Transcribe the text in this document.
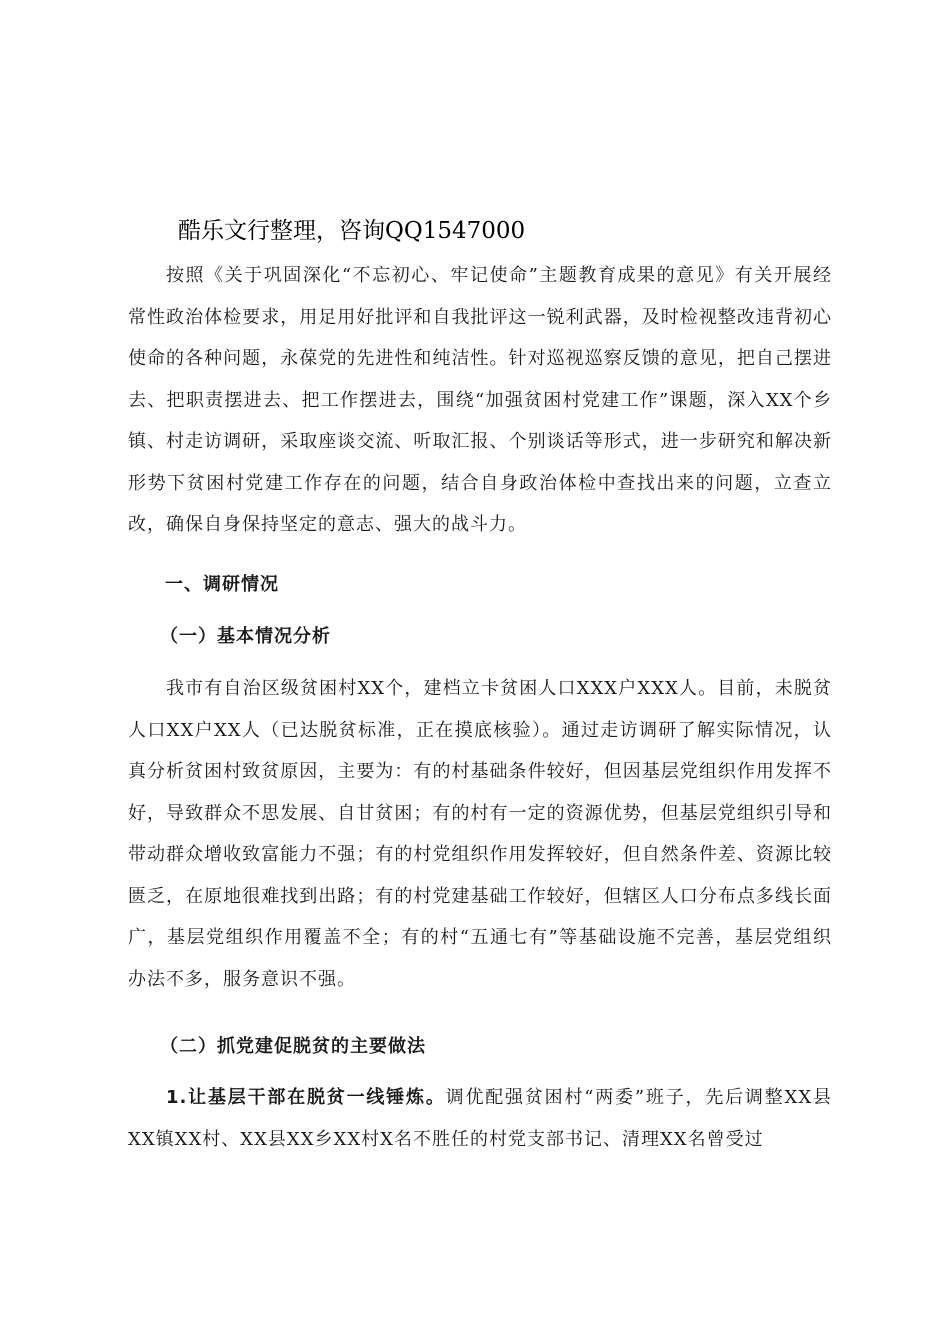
酷乐文行整理，咨询QQ1547000
按照《关于巩固深化“不忘初心、牢记使命”主题教育成果的意见》有关开展经常性政治体检要求，用足用好批评和自我批评这一锐利武器，及时检视整改违背初心使命的各种问题，永葆党的先进性和纯洁性。针对巡视巡察反馈的意见，把自己摆进去、把职责摆进去、把工作摆进去，围绕“加强贫困村党建工作”课题，深入XX个乡镇、村走访调研，采取座谈交流、听取汇报、个别谈话等形式，进一步研究和解决新形势下贫困村党建工作存在的问题，结合自身政治体检中查找出来的问题，立查立改，确保自身保持坚定的意志、强大的战斗力。
一、调研情况
（一）基本情况分析
我市有自治区级贫困村XX个，建档立卡贫困人口XXX户XXX人。目前，未脱贫人口XX户XX人（已达脱贫标准，正在摸底核验）。通过走访调研了解实际情况，认真分析贫困村致贫原因，主要为：有的村基础条件较好，但因基层党组织作用发挥不好，导致群众不思发展、自甘贫困；有的村有一定的资源优势，但基层党组织引导和带动群众增收致富能力不强；有的村党组织作用发挥较好，但自然条件差、资源比较匮乏，在原地很难找到出路；有的村党建基础工作较好，但辖区人口分布点多线长面广，基层党组织作用覆盖不全；有的村“五通七有”等基础设施不完善，基层党组织办法不多，服务意识不强。
（二）抓党建促脱贫的主要做法
1.让基层干部在脱贫一线锤炼。调优配强贫困村“两委”班子，先后调整XX县XX镇XX村、XX县XX乡XX村X名不胜任的村党支部书记、清理XX名曾受过
